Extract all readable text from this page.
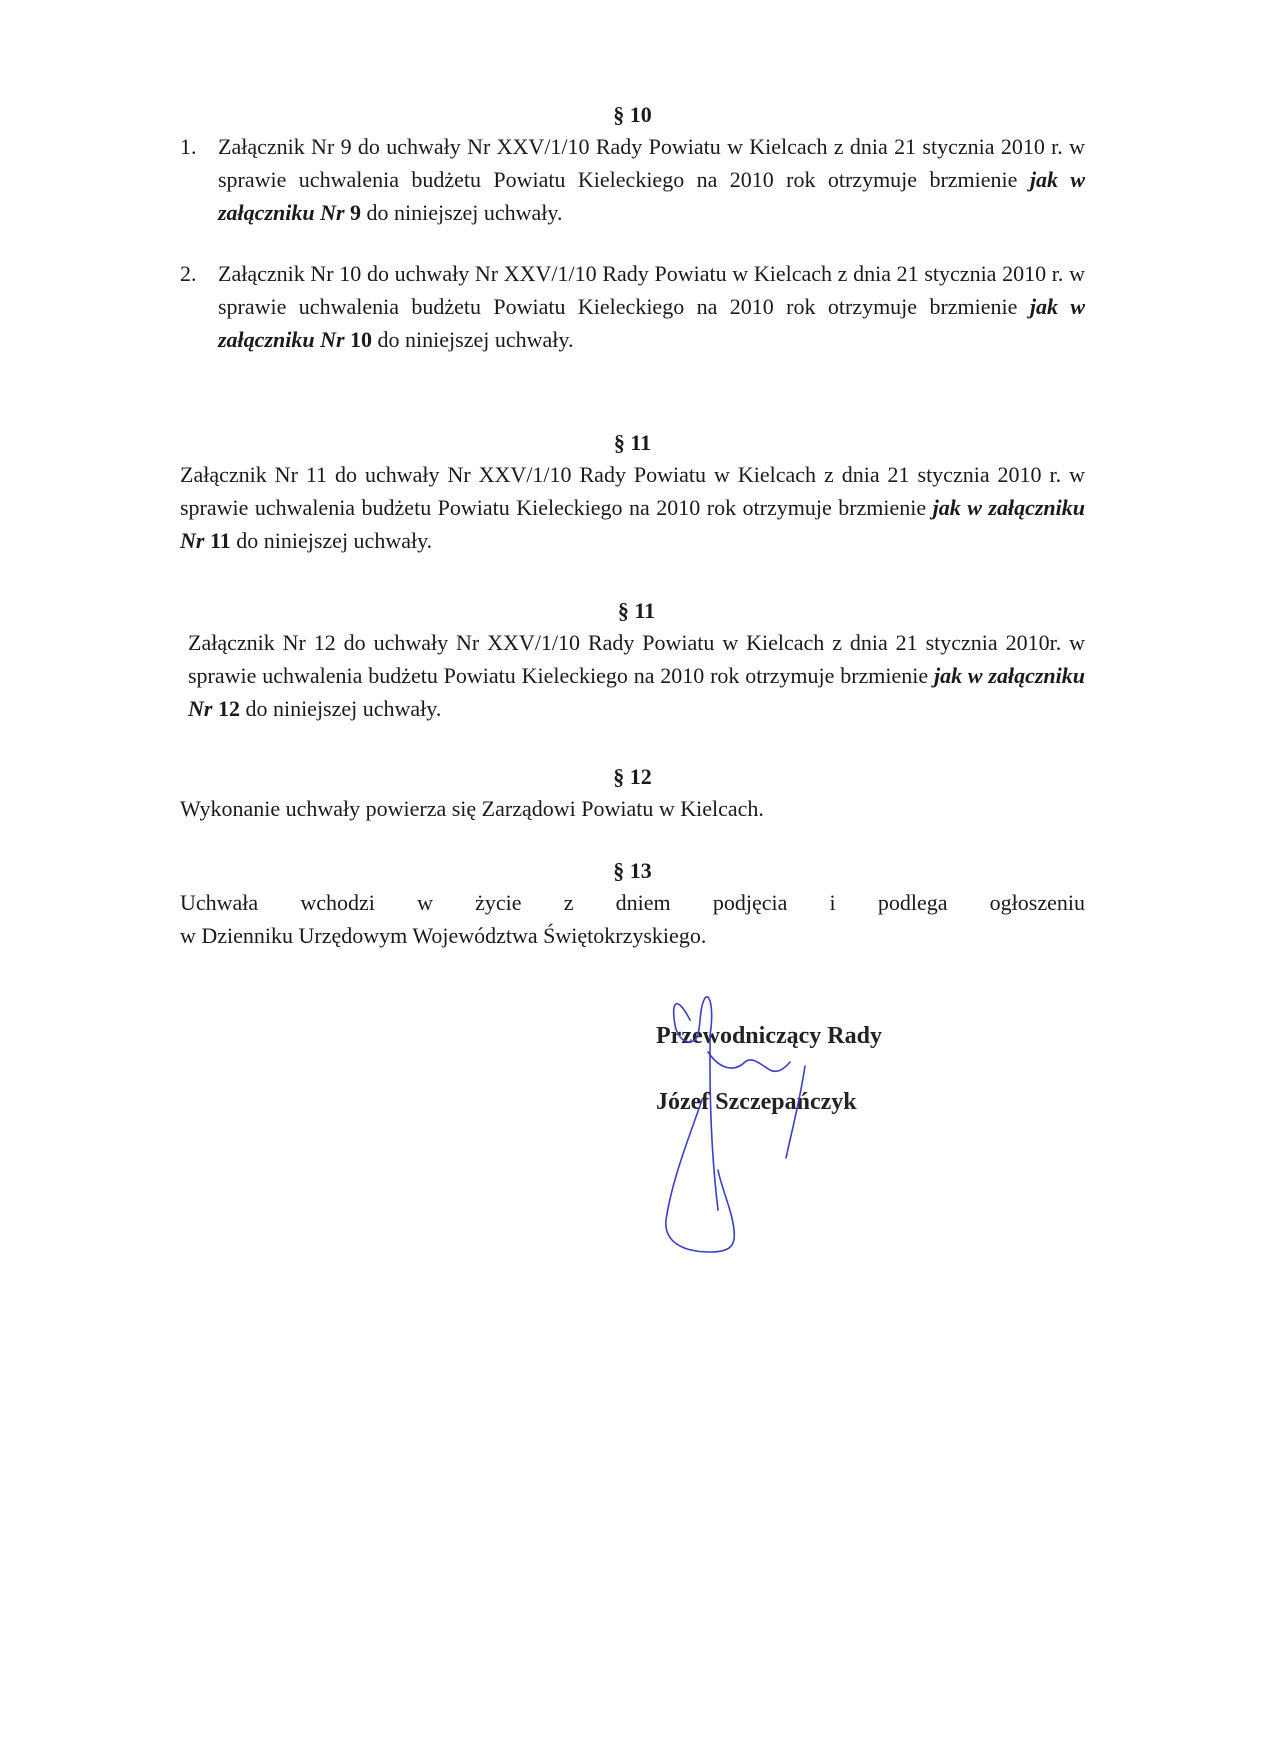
§ 10

1. Załącznik Nr 9 do uchwały Nr XXV/1/10 Rady Powiatu w Kielcach z dnia 21 stycznia 2010 r. w sprawie uchwalenia budżetu Powiatu Kieleckiego na 2010 rok otrzymuje brzmienie jak w załączniku Nr 9 do niniejszej uchwały.

2. Załącznik Nr 10 do uchwały Nr XXV/1/10 Rady Powiatu w Kielcach z dnia 21 stycznia 2010 r. w sprawie uchwalenia budżetu Powiatu Kieleckiego na 2010 rok otrzymuje brzmienie jak w załączniku Nr 10 do niniejszej uchwały.

§ 11

Załącznik Nr 11 do uchwały Nr XXV/1/10 Rady Powiatu w Kielcach z dnia 21 stycznia 2010 r. w sprawie uchwalenia budżetu Powiatu Kieleckiego na 2010 rok otrzymuje brzmienie jak w załączniku Nr 11 do niniejszej uchwały.

§ 11

Załącznik Nr 12 do uchwały Nr XXV/1/10 Rady Powiatu w Kielcach z dnia 21 stycznia 2010r. w sprawie uchwalenia budżetu Powiatu Kieleckiego na 2010 rok otrzymuje brzmienie jak w załączniku Nr 12 do niniejszej uchwały.

§ 12

Wykonanie uchwały powierza się Zarządowi Powiatu w Kielcach.

§ 13
Uchwała wchodzi w życie z dniem podjęcia i podlega ogłoszeniu
w Dzienniku Urzędowym Województwa Świętokrzyskiego.
Przewodniczący Rady
Józef Szczepańczyk
